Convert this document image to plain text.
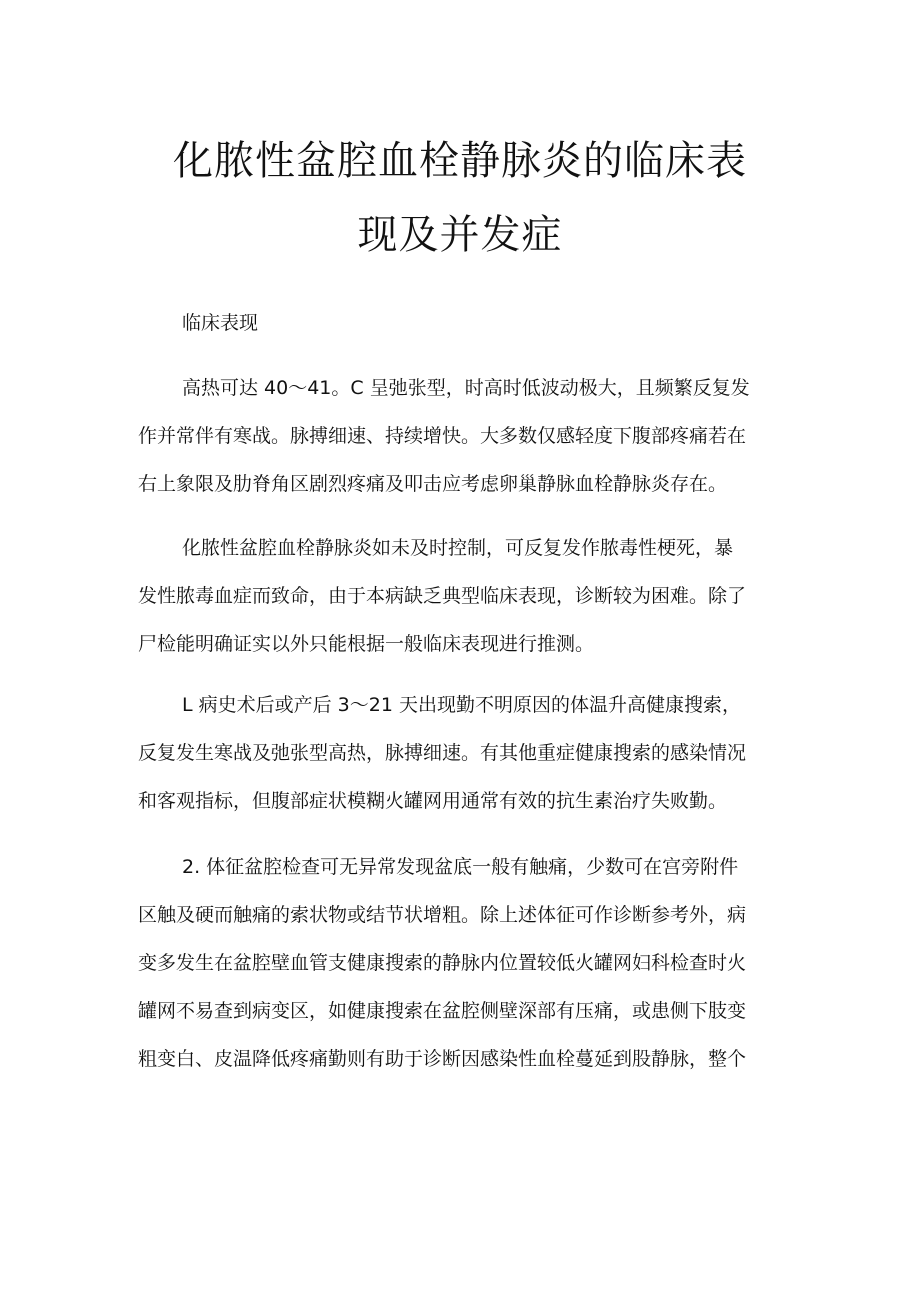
化脓性盆腔血栓静脉炎的临床表
现及并发症

临床表现

高热可达 40～41。C 呈弛张型，时高时低波动极大，且频繁反复发
作并常伴有寒战。脉搏细速、持续增快。大多数仅感轻度下腹部疼痛若在
右上象限及肋脊角区剧烈疼痛及叩击应考虑卵巢静脉血栓静脉炎存在。
化脓性盆腔血栓静脉炎如未及时控制，可反复发作脓毒性梗死，暴
发性脓毒血症而致命，由于本病缺乏典型临床表现，诊断较为困难。除了
尸检能明确证实以外只能根据一般临床表现进行推测。
L 病史术后或产后 3～21 天出现勤不明原因的体温升高健康搜索，
反复发生寒战及弛张型高热，脉搏细速。有其他重症健康搜索的感染情况
和客观指标，但腹部症状模糊火罐网用通常有效的抗生素治疗失败勤。
2. 体征盆腔检查可无异常发现盆底一般有触痛，少数可在宫旁附件
区触及硬而触痛的索状物或结节状增粗。除上述体征可作诊断参考外，病
变多发生在盆腔壁血管支健康搜索的静脉内位置较低火罐网妇科检查时火
罐网不易查到病变区，如健康搜索在盆腔侧壁深部有压痛，或患侧下肢变
粗变白、皮温降低疼痛勤则有助于诊断因感染性血栓蔓延到股静脉，整个
